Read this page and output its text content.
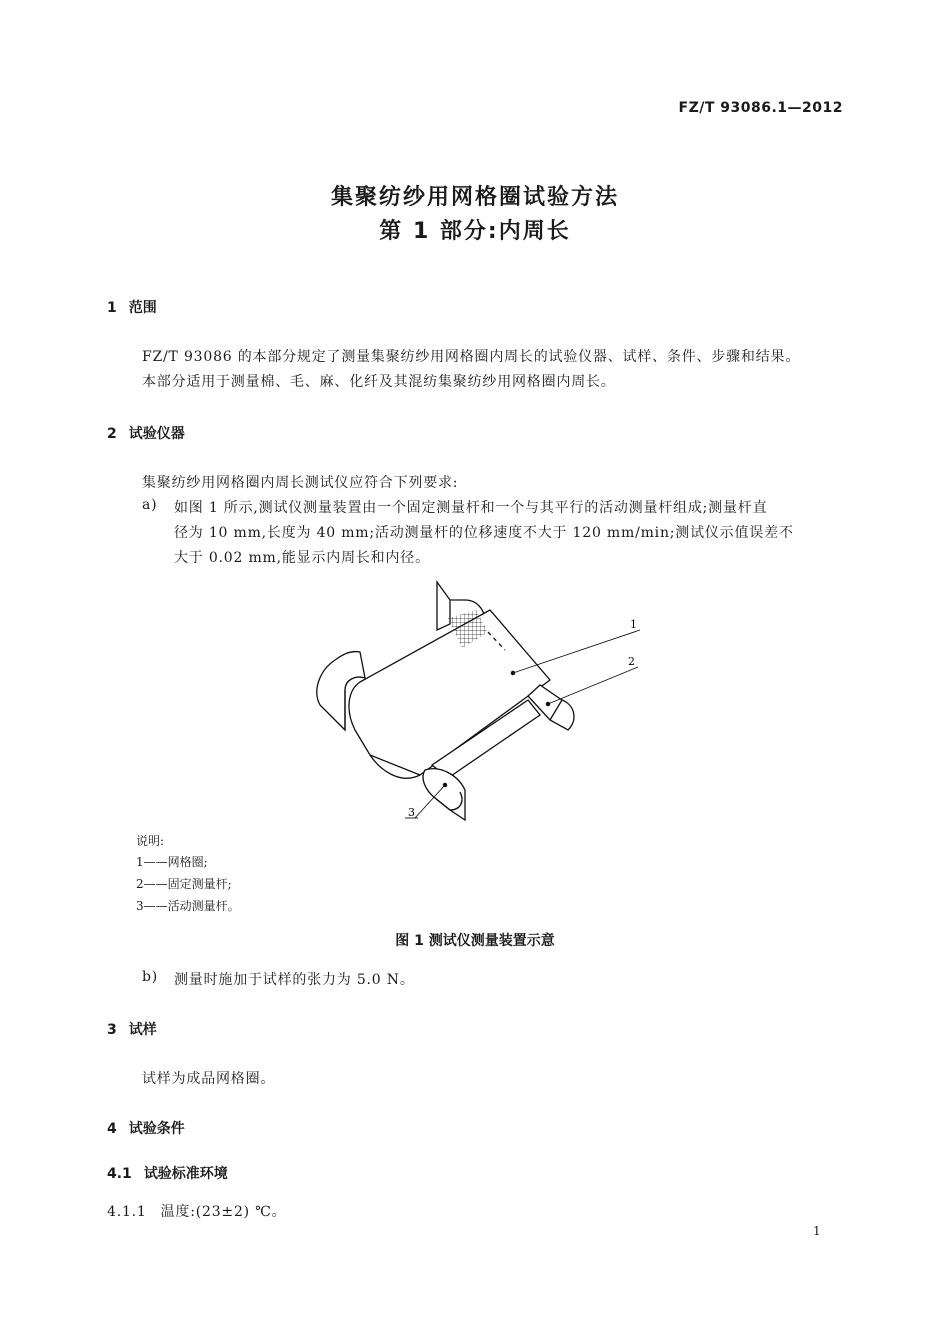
FZ/T 93086.1—2012
集聚纺纱用网格圈试验方法
第 1 部分:内周长
1 范围
FZ/T 93086 的本部分规定了测量集聚纺纱用网格圈内周长的试验仪器、试样、条件、步骤和结果。
本部分适用于测量棉、毛、麻、化纤及其混纺集聚纺纱用网格圈内周长。
2 试验仪器
集聚纺纱用网格圈内周长测试仪应符合下列要求:
a) 如图 1 所示,测试仪测量装置由一个固定测量杆和一个与其平行的活动测量杆组成;测量杆直
径为 10 mm,长度为 40 mm;活动测量杆的位移速度不大于 120 mm/min;测试仪示值误差不
大于 0.02 mm,能显示内周长和内径。
1
2
3
说明:
1——网格圈;
2——固定测量杆;
3——活动测量杆。
图 1 测试仪测量装置示意
b) 测量时施加于试样的张力为 5.0 N。
3 试样
试样为成品网格圈。
4 试验条件
4.1 试验标准环境
4.1.1 温度:(23±2) ℃。
1
